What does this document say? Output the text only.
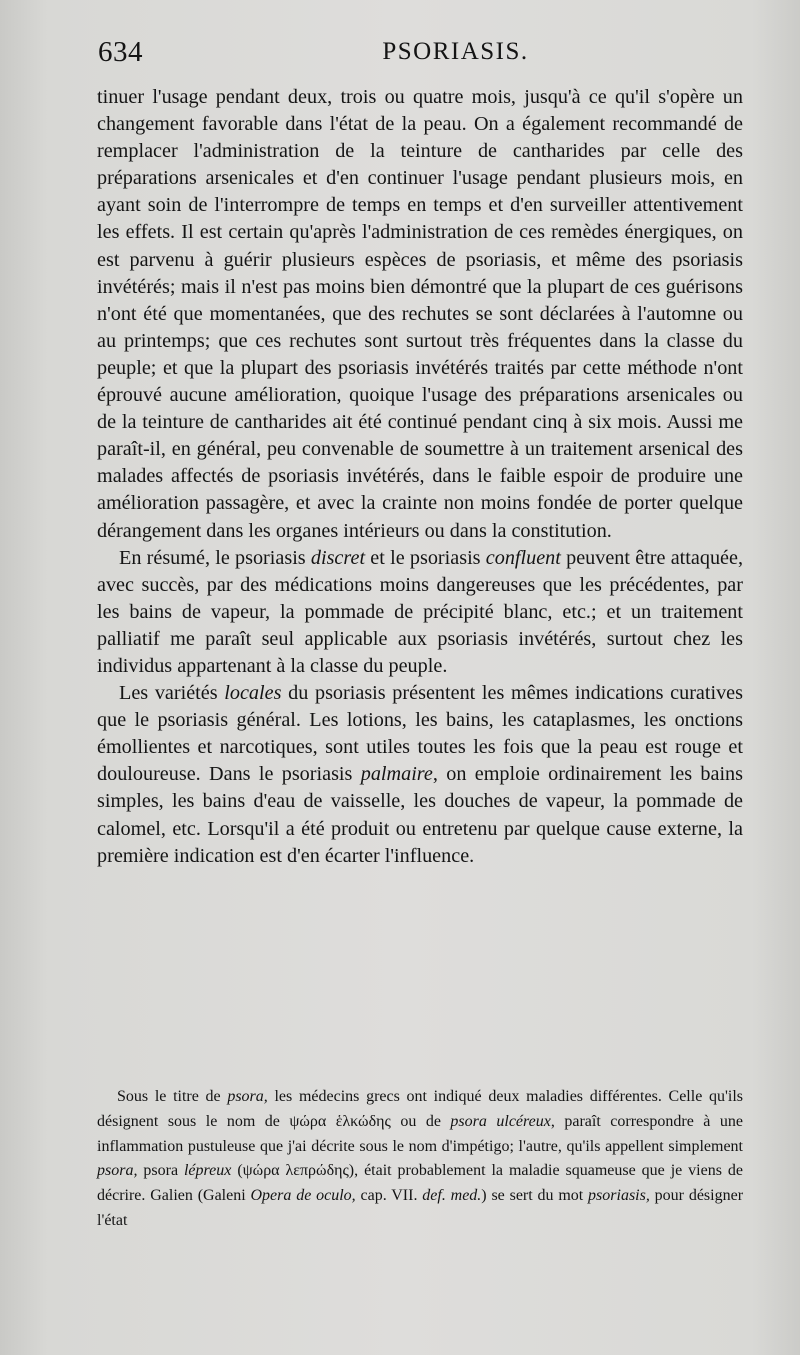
634	PSORIASIS.

tinuer l'usage pendant deux, trois ou quatre mois, jusqu'à ce qu'il s'opère un changement favorable dans l'état de la peau. On a également recommandé de remplacer l'administration de la teinture de cantharides par celle des préparations arsenicales et d'en continuer l'usage pendant plusieurs mois, en ayant soin de l'interrompre de temps en temps et d'en surveiller attentivement les effets. Il est certain qu'après l'administration de ces remèdes énergiques, on est parvenu à guérir plusieurs espèces de psoriasis, et même des psoriasis invétérés; mais il n'est pas moins bien démontré que la plupart de ces guérisons n'ont été que momentanées, que des rechutes se sont déclarées à l'automne ou au printemps; que ces rechutes sont surtout très fréquentes dans la classe du peuple; et que la plupart des psoriasis invétérés traités par cette méthode n'ont éprouvé aucune amélioration, quoique l'usage des préparations arsenicales ou de la teinture de cantharides ait été continué pendant cinq à six mois. Aussi me paraît-il, en général, peu convenable de soumettre à un traitement arsenical des malades affectés de psoriasis invétérés, dans le faible espoir de produire une amélioration passagère, et avec la crainte non moins fondée de porter quelque dérangement dans les organes intérieurs ou dans la constitution.

En résumé, le psoriasis discret et le psoriasis confluent peuvent être attaquée, avec succès, par des médications moins dangereuses que les précédentes, par les bains de vapeur, la pommade de précipité blanc, etc.; et un traitement palliatif me paraît seul applicable aux psoriasis invétérés, surtout chez les individus appartenant à la classe du peuple.

Les variétés locales du psoriasis présentent les mêmes indications curatives que le psoriasis général. Les lotions, les bains, les cataplasmes, les onctions émollientes et narcotiques, sont utiles toutes les fois que la peau est rouge et douloureuse. Dans le psoriasis palmaire, on emploie ordinairement les bains simples, les bains d'eau de vaisselle, les douches de vapeur, la pommade de calomel, etc. Lorsqu'il a été produit ou entretenu par quelque cause externe, la première indication est d'en écarter l'influence.

Sous le titre de psora, les médecins grecs ont indiqué deux maladies différentes. Celle qu'ils désignent sous le nom de ψώρα ἑλκώδης ou de psora ulcéreux, paraît correspondre à une inflammation pustuleuse que j'ai décrite sous le nom d'impétigo; l'autre, qu'ils appellent simplement psora, psora lépreux (ψώρα λεπρώδης), était probablement la maladie squameuse que je viens de décrire. Galien (Galeni Opera de oculo, cap. VII. def. med.) se sert du mot psoriasis, pour désigner l'état
